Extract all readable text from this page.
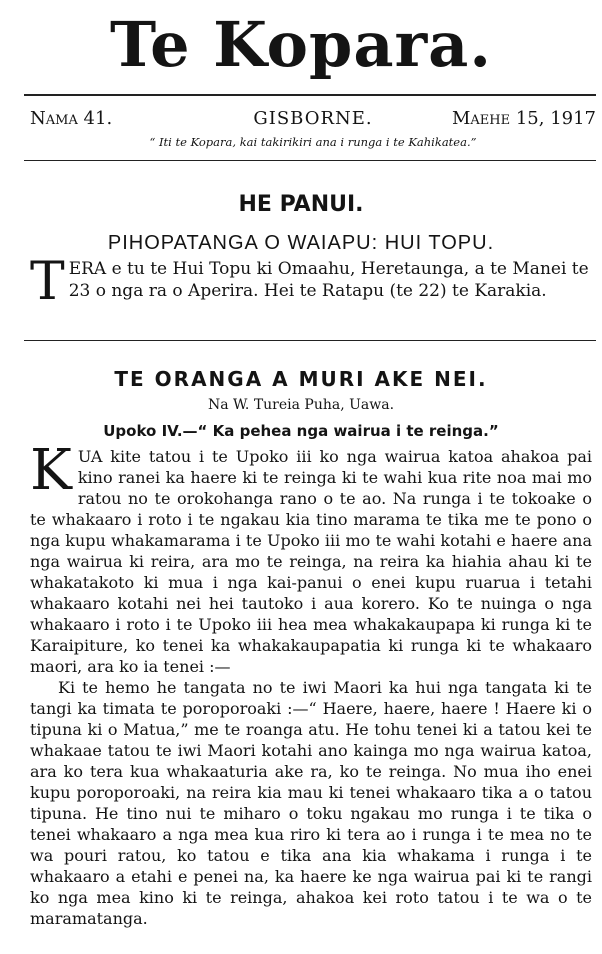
Te Kopara.
Nama 41.	GISBORNE.	Maehe 15, 1917
“ Iti te Kopara, kai takirikiri ana i runga i te Kahikatea.”
HE PANUI.
PIHOPATANGA O WAIAPU: HUI TOPU.
T ERA e tu te Hui Topu ki Omaahu, Heretaunga, a te Manei te 23 o nga ra o Aperira. Hei te Ratapu (te 22) te Karakia.
TE ORANGA A MURI AKE NEI.
Na W. Tureia Puha, Uawa.
Upoko IV.—“ Ka pehea nga wairua i te reinga.”

KUA kite tatou i te Upoko iii ko nga wairua katoa ahakoa pai kino ranei ka haere ki te reinga ki te wahi kua rite noa mai mo ratou no te orokohanga rano o te ao. Na runga i te tokoake o te whakaaro i roto i te ngakau kia tino marama te tika me te pono o nga kupu whakamarama i te Upoko iii mo te wahi kotahi e haere ana nga wairua ki reira, ara mo te reinga, na reira ka hiahia ahau ki te whakatakoto ki mua i nga kai-panui o enei kupu ruarua i tetahi whakaaro kotahi nei hei tautoko i aua korero. Ko te nuinga o nga whakaaro i roto i te Upoko iii hea mea whakakaupapa ki runga ki te Karaipiture, ko tenei ka whakakaupapatia ki runga ki te whakaaro maori, ara ko ia tenei :—

Ki te hemo he tangata no te iwi Maori ka hui nga tangata ki te tangi ka timata te poroporoaki :—“ Haere, haere, haere ! Haere ki o tipuna ki o Matua,” me te roanga atu. He tohu tenei ki a tatou kei te whakaae tatou te iwi Maori kotahi ano kainga mo nga wairua katoa, ara ko tera kua whakaaturia ake ra, ko te reinga. No mua iho enei kupu poroporoaki, na reira kia mau ki tenei whakaaro tika a o tatou tipuna. He tino nui te miharo o toku ngakau mo runga i te tika o tenei whakaaro a nga mea kua riro ki tera ao i runga i te mea no te wa pouri ratou, ko tatou e tika ana kia whakama i runga i te whakaaro a etahi e penei na, ka haere ke nga wairua pai ki te rangi ko nga mea kino ki te reinga, ahakoa kei roto tatou i te wa o te maramatanga.
